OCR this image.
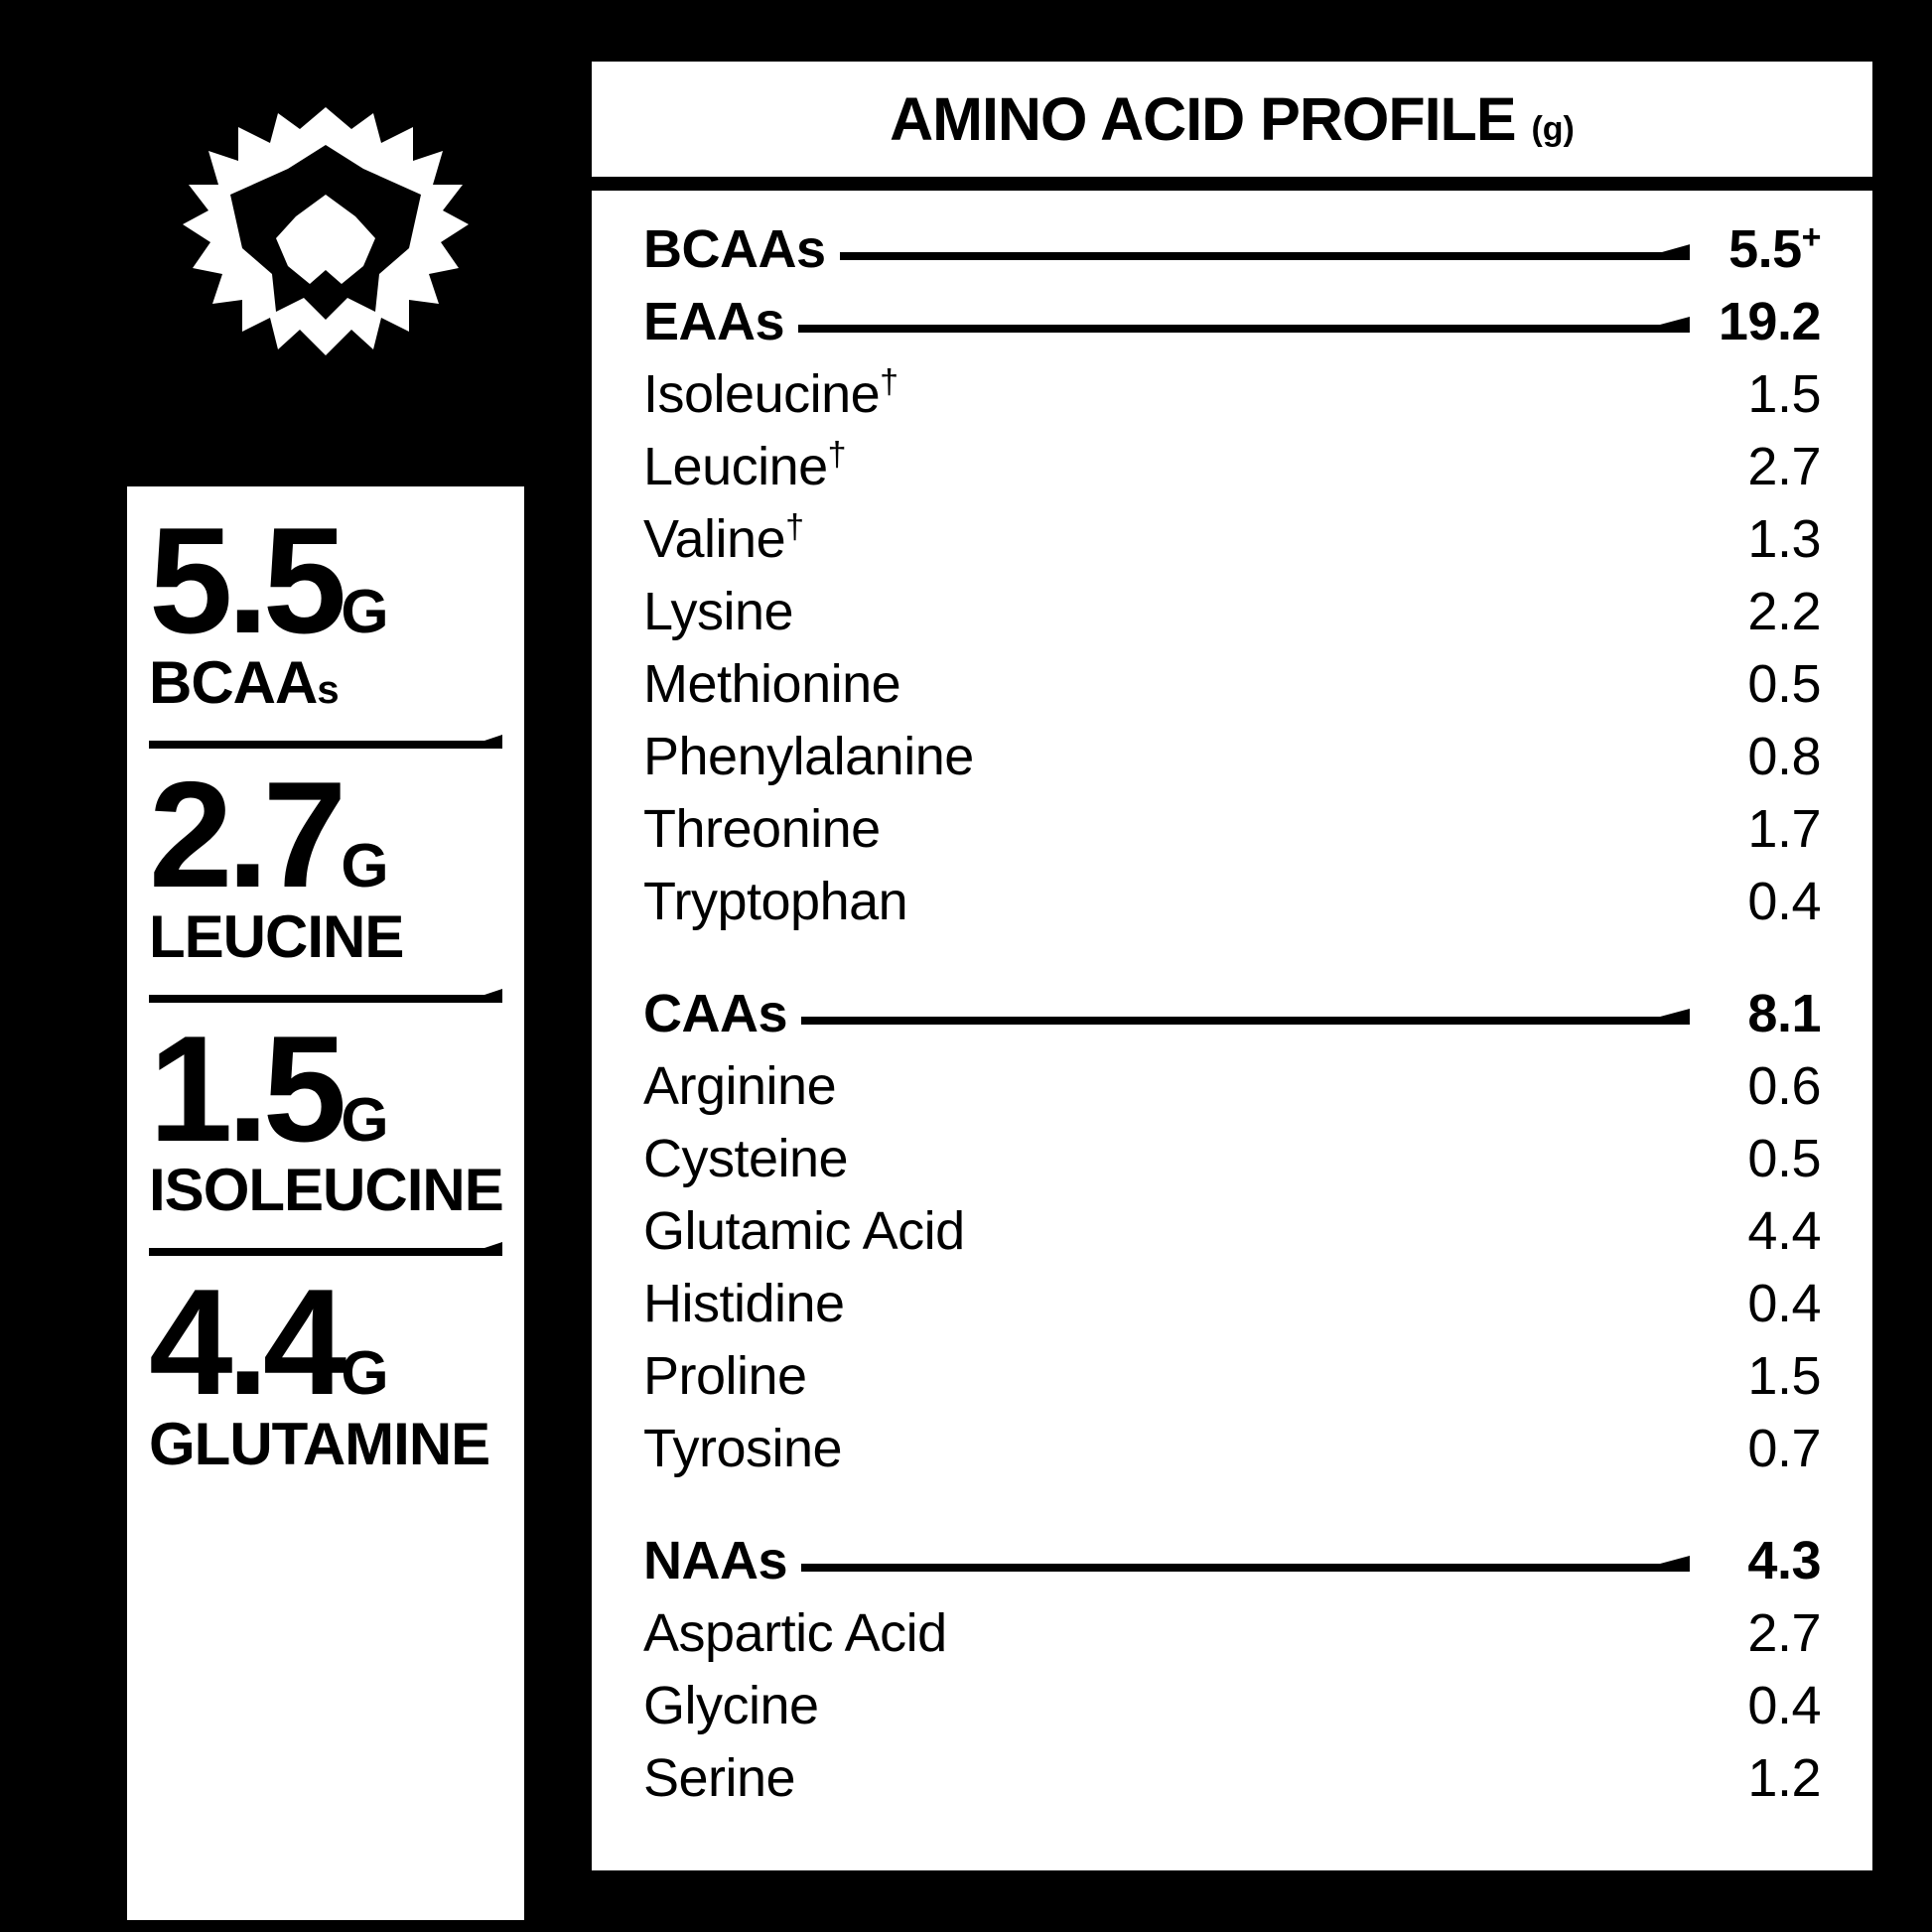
5.5G
BCAAs
2.7G
LEUCINE
1.5G
ISOLEUCINE
4.4G
GLUTAMINE
AMINO ACID PROFILE (g)
BCAAs	5.5+
EAAs	19.2
Isoleucine†	1.5
Leucine†	2.7
Valine†	1.3
Lysine	2.2
Methionine	0.5
Phenylalanine	0.8
Threonine	1.7
Tryptophan	0.4
CAAs	8.1
Arginine	0.6
Cysteine	0.5
Glutamic Acid	4.4
Histidine	0.4
Proline	1.5
Tyrosine	0.7
NAAs	4.3
Aspartic Acid	2.7
Glycine	0.4
Serine	1.2
